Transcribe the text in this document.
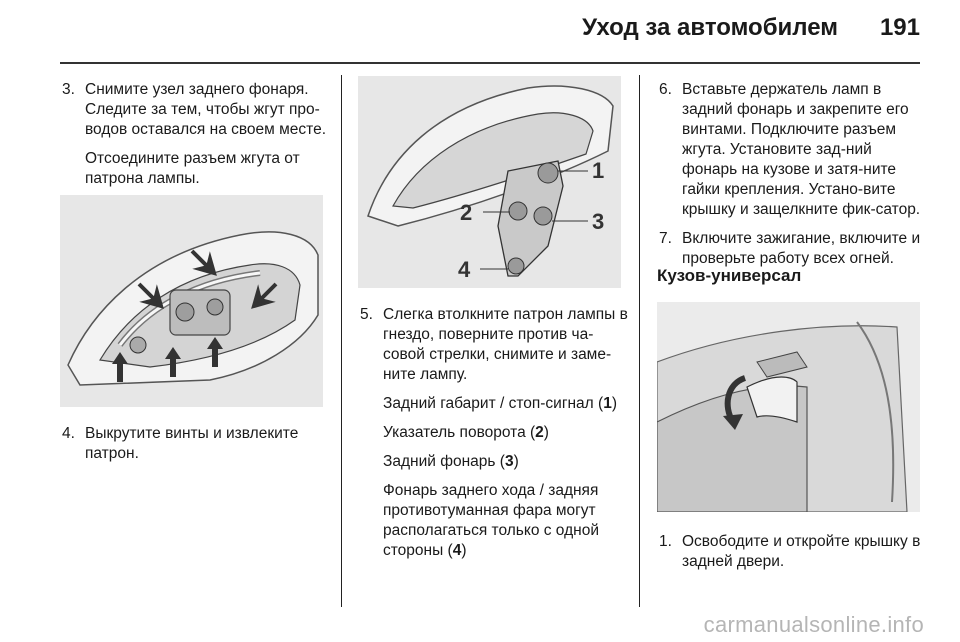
Уход за автомобилем 191
3. Снимите узел заднего фонаря. Следите за тем, чтобы жгут про-водов оставался на своем месте.
Отсоедините разъем жгута от патрона лампы.
4. Выкрутите винты и извлеките патрон.
1
2	3
4
5. Слегка втолкните патрон лампы в гнездо, поверните против ча-совой стрелки, снимите и заме-ните лампу.
Задний габарит / стоп-сигнал (1)
Указатель поворота (2)
Задний фонарь (3)
Фонарь заднего хода / задняя противотуманная фара могут располагаться только с одной стороны (4)
6. Вставьте держатель ламп в задний фонарь и закрепите его винтами. Подключите разъем жгута. Установите зад-ний фонарь на кузове и затя-ните гайки крепления. Устано-вите крышку и защелкните фик-сатор.
7. Включите зажигание, включите и проверьте работу всех огней.
Кузов-универсал
1. Освободите и откройте крышку в задней двери.
carmanualsonline.info
